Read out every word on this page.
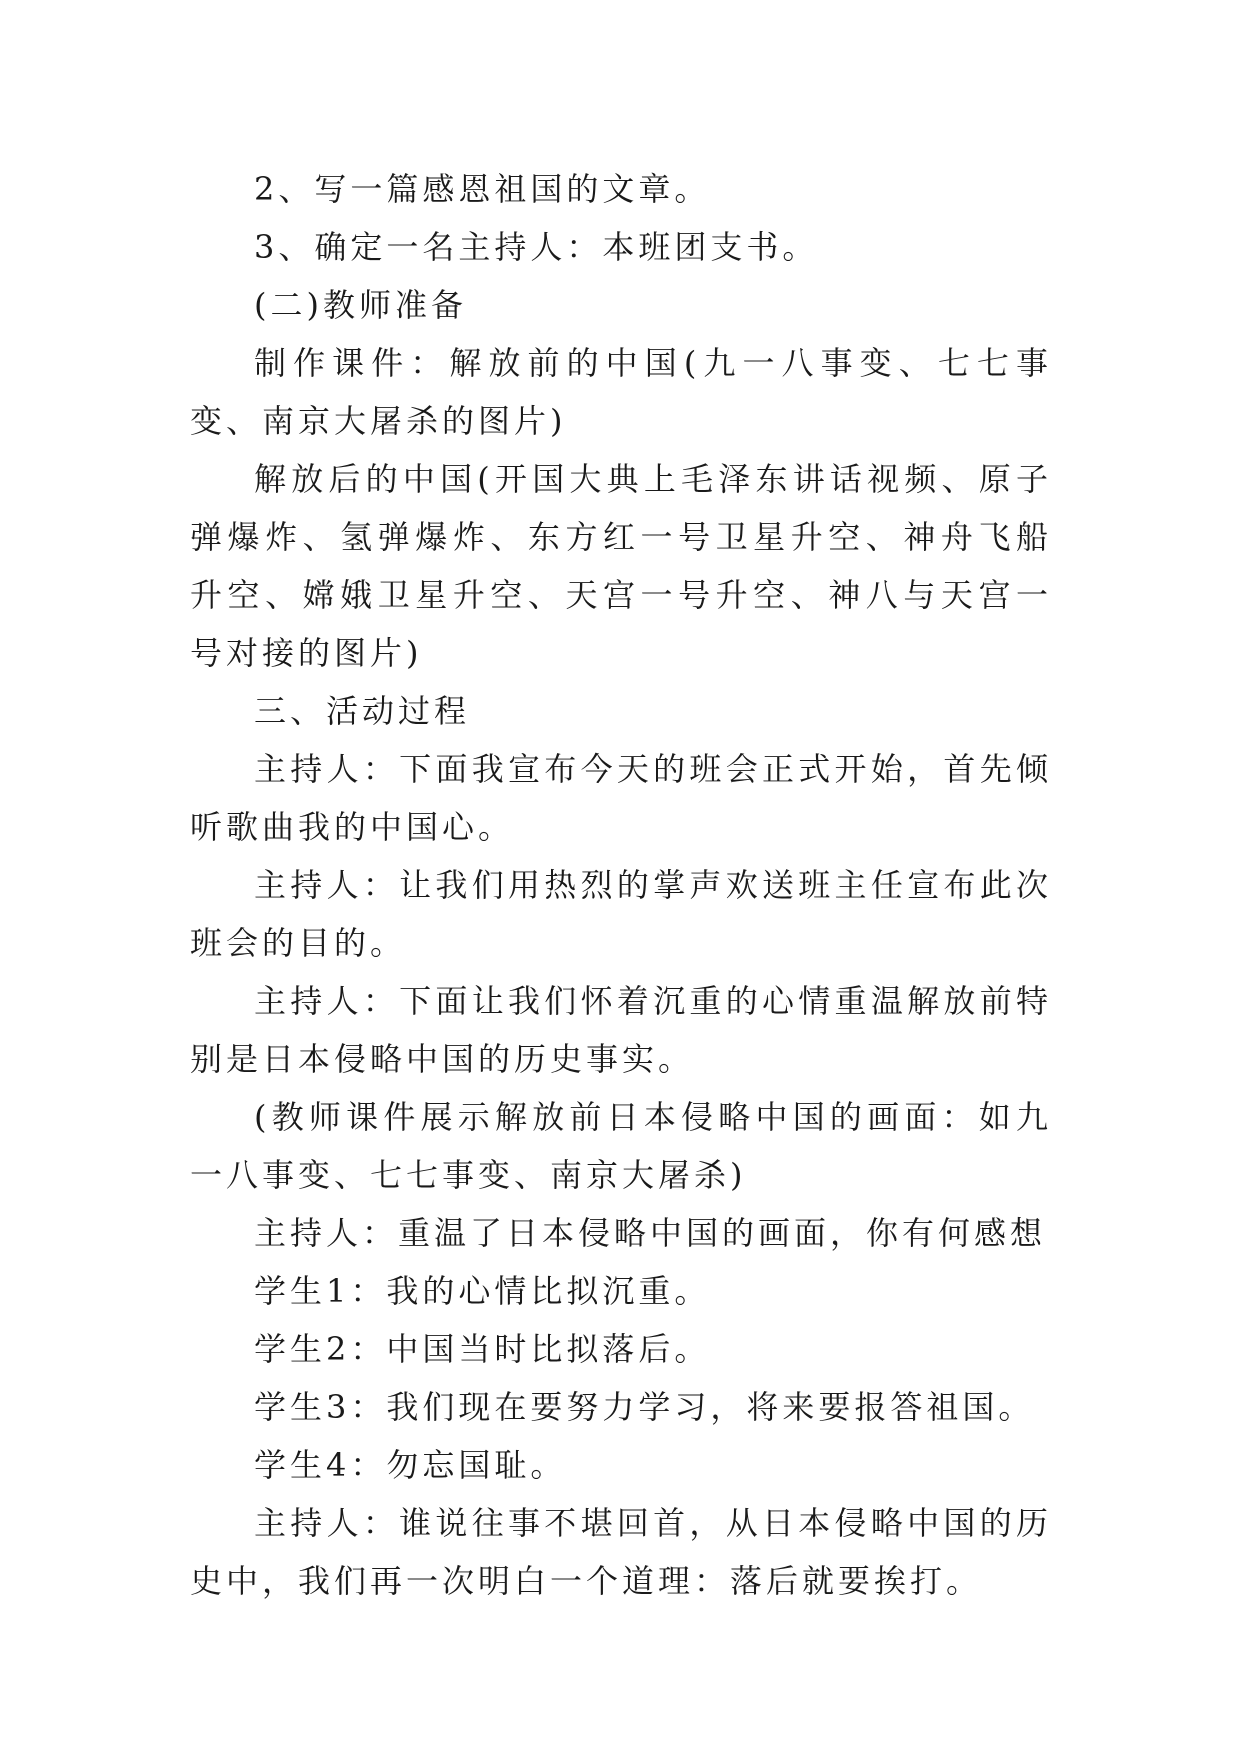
2、写一篇感恩祖国的文章。

3、确定一名主持人：本班团支书。

(二)教师准备

制作课件：解放前的中国(九一八事变、七七事变、南京大屠杀的图片)

解放后的中国(开国大典上毛泽东讲话视频、原子弹爆炸、氢弹爆炸、东方红一号卫星升空、神舟飞船升空、嫦娥卫星升空、天宫一号升空、神八与天宫一号对接的图片)

三、活动过程

主持人：下面我宣布今天的班会正式开始，首先倾听歌曲我的中国心。

主持人：让我们用热烈的掌声欢送班主任宣布此次班会的目的。

主持人：下面让我们怀着沉重的心情重温解放前特别是日本侵略中国的历史事实。

(教师课件展示解放前日本侵略中国的画面：如九一八事变、七七事变、南京大屠杀)

主持人：重温了日本侵略中国的画面，你有何感想

学生1：我的心情比拟沉重。

学生2：中国当时比拟落后。

学生3：我们现在要努力学习，将来要报答祖国。

学生4：勿忘国耻。

主持人：谁说往事不堪回首，从日本侵略中国的历史中，我们再一次明白一个道理：落后就要挨打。
